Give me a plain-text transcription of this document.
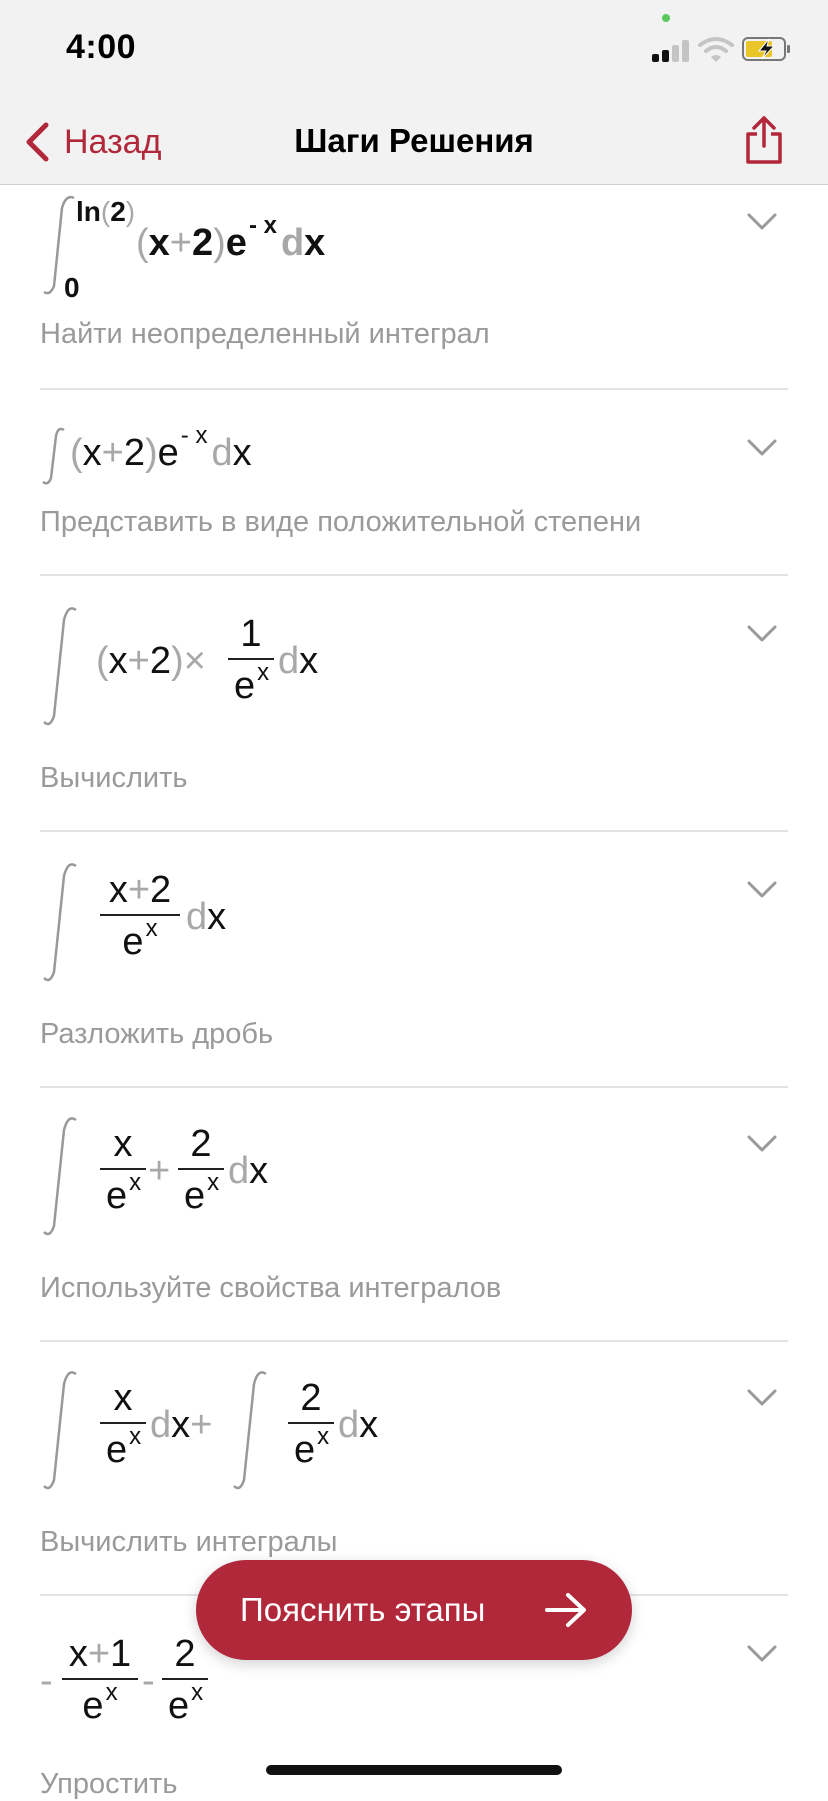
4:00
Назад	Шаги Решения
ln(2)
0
$(x+2)e^{- x}$ dx
Найти неопределенный интеграл
$(x+2)e^{- x}$ dx
Представить в виде положительной степени
$(x+2)\times \frac{1}{e^x}$ dx
Вычислить
$\frac{x+2}{e^x}$ dx
Разложить дробь
$\frac{x}{e^x} + \frac{2}{e^x}$ dx
Используйте свойства интегралов
$\frac{x}{e^x} dx+ \frac{2}{e^x}$ dx
Вычислить интегралы
- $\frac{x+1}{e^x} - \frac{2}{e^x}$
Упростить
Пояснить этапы
